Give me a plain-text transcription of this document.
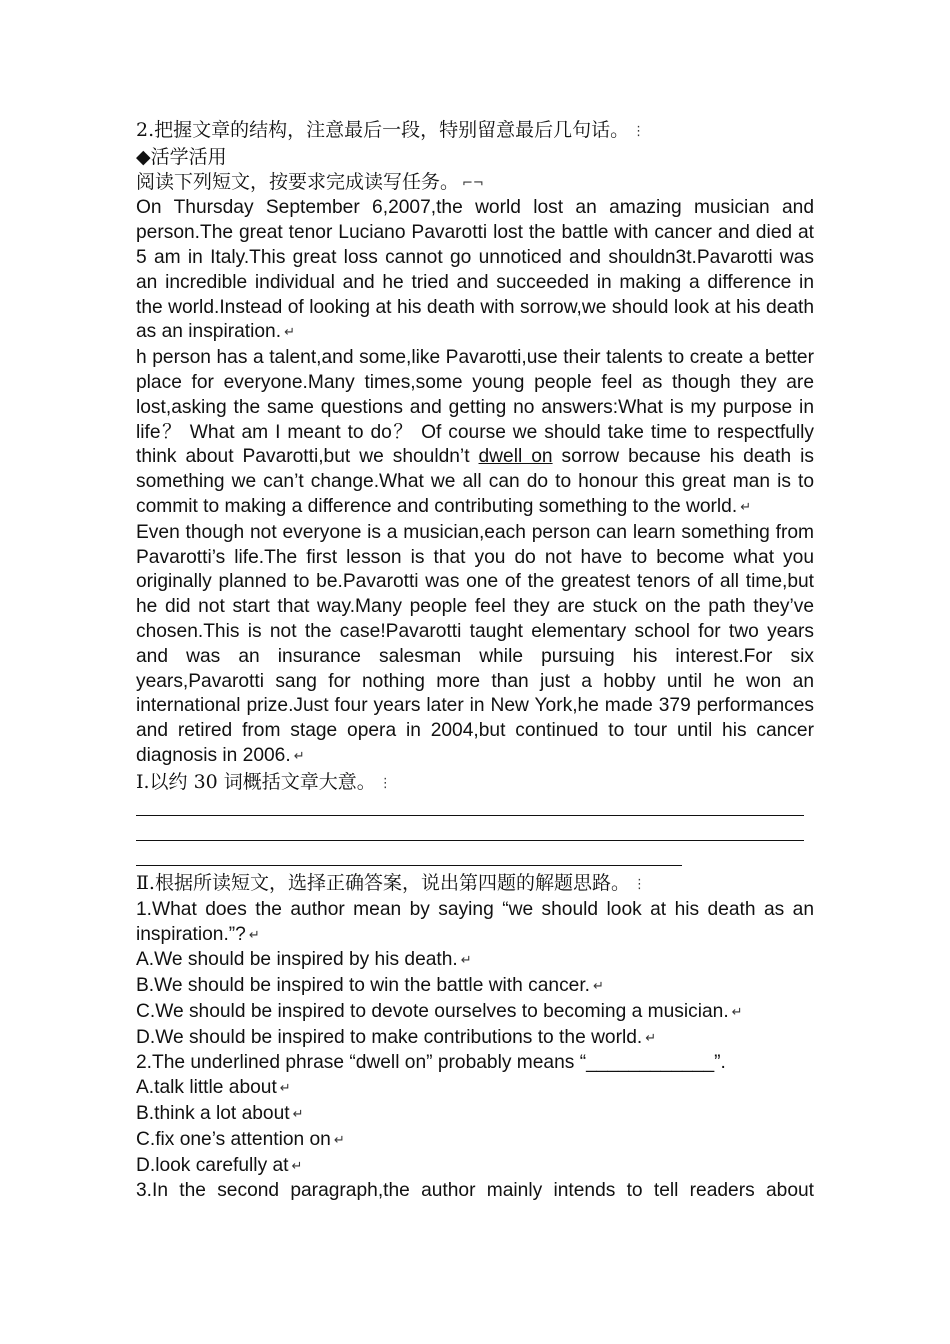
2.把握文章的结构，注意最后一段，特别留意最后几句话。 ⋮

◆活学活用

阅读下列短文，按要求完成读写任务。 ⌐¬

On Thursday September 6,2007,the world lost an amazing musician and person.The great tenor Luciano Pavarotti lost the battle with cancer and died at 5 am in Italy.This great loss cannot go unnoticed and shouldn3t.Pavarotti was an incredible individual and he tried and succeeded in making a difference in the world.Instead of looking at his death with sorrow,we should look at his death as an inspiration. ↵

h person has a talent,and some,like Pavarotti,use their talents to create a better place for everyone.Many times,some young people feel as though they are lost,asking the same questions and getting no answers:What is my purpose in life？ What am I meant to do？ Of course we should take time to respectfully think about Pavarotti,but we shouldn’t dwell on sorrow because his death is something we can’t change.What we all can do to honour this great man is to commit to making a difference and contributing something to the world. ↵

Even though not everyone is a musician,each person can learn something from Pavarotti’s life.The first lesson is that you do not have to become what you originally planned to be.Pavarotti was one of the greatest tenors of all time,but he did not start that way.Many people feel they are stuck on the path they’ve chosen.This is not the case!Pavarotti taught elementary school for two years and was an insurance salesman while pursuing his interest.For six years,Pavarotti sang for nothing more than just a hobby until he won an international prize.Just four years later in New York,he made 379 performances and retired from stage opera in 2004,but continued to tour until his cancer diagnosis in 2006. ↵

Ⅰ.以约 30 词概括文章大意。 ⋮

Ⅱ.根据所读短文，选择正确答案，说出第四题的解题思路。 ⋮

1.What does the author mean by saying “we should look at his death as an inspiration.”? ↵

A.We should be inspired by his death. ↵

B.We should be inspired to win the battle with cancer. ↵

C.We should be inspired to devote ourselves to becoming a musician. ↵

D.We should be inspired to make contributions to the world. ↵

2.The underlined phrase “dwell on” probably means “____________”.

A.talk little about ↵

B.think a lot about ↵

C.fix one’s attention on ↵

D.look carefully at ↵

3.In the second paragraph,the author mainly intends to tell readers about
